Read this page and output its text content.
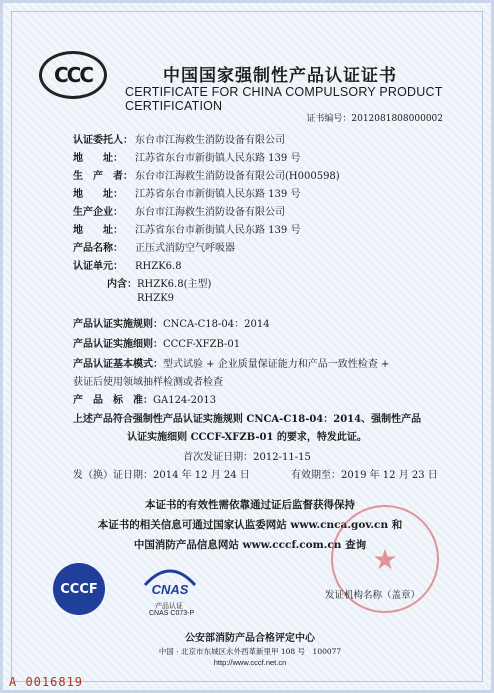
CCC	中国国家强制性产品认证证书
CERTIFICATE FOR CHINA COMPULSORY PRODUCT CERTIFICATION
证书编号：2012081808000002
认证委托人： 东台市江海救生消防设备有限公司
地　　址： 江苏省东台市新街镇人民东路 139 号
生　产　者： 东台市江海救生消防设备有限公司(H000598)
地　　址： 江苏省东台市新街镇人民东路 139 号
生产企业： 东台市江海救生消防设备有限公司
地　　址： 江苏省东台市新街镇人民东路 139 号
产品名称： 正压式消防空气呼吸器
认证单元： RHZK6.8
内含：RHZK6.8(主型)
RHZK9
产品认证实施规则：CNCA-C18-04：2014
产品认证实施细则：CCCF-XFZB-01
产品认证基本模式：型式试验 + 企业质量保证能力和产品一致性检查 +
获证后使用领域抽样检测或者检查
产　品　标　准：GA124-2013
上述产品符合强制性产品认证实施规则 CNCA-C18-04：2014、强制性产品
认证实施细则 CCCF-XFZB-01 的要求，特发此证。
首次发证日期：2012-11-15
发（换）证日期：2014 年 12 月 24 日	有效期至：2019 年 12 月 23 日
本证书的有效性需依靠通过证后监督获得保持
本证书的相关信息可通过国家认监委网站 www.cnca.gov.cn 和
中国消防产品信息网站 www.cccf.com.cn 查询 ★
CCCF	CNAS
产品认证
CNAS C073-P
发证机构名称（盖章）
公安部消防产品合格评定中心
中国 · 北京市东城区永外西革新里甲 108 号　100077
http://www.cccf.net.cn
A 0016819
